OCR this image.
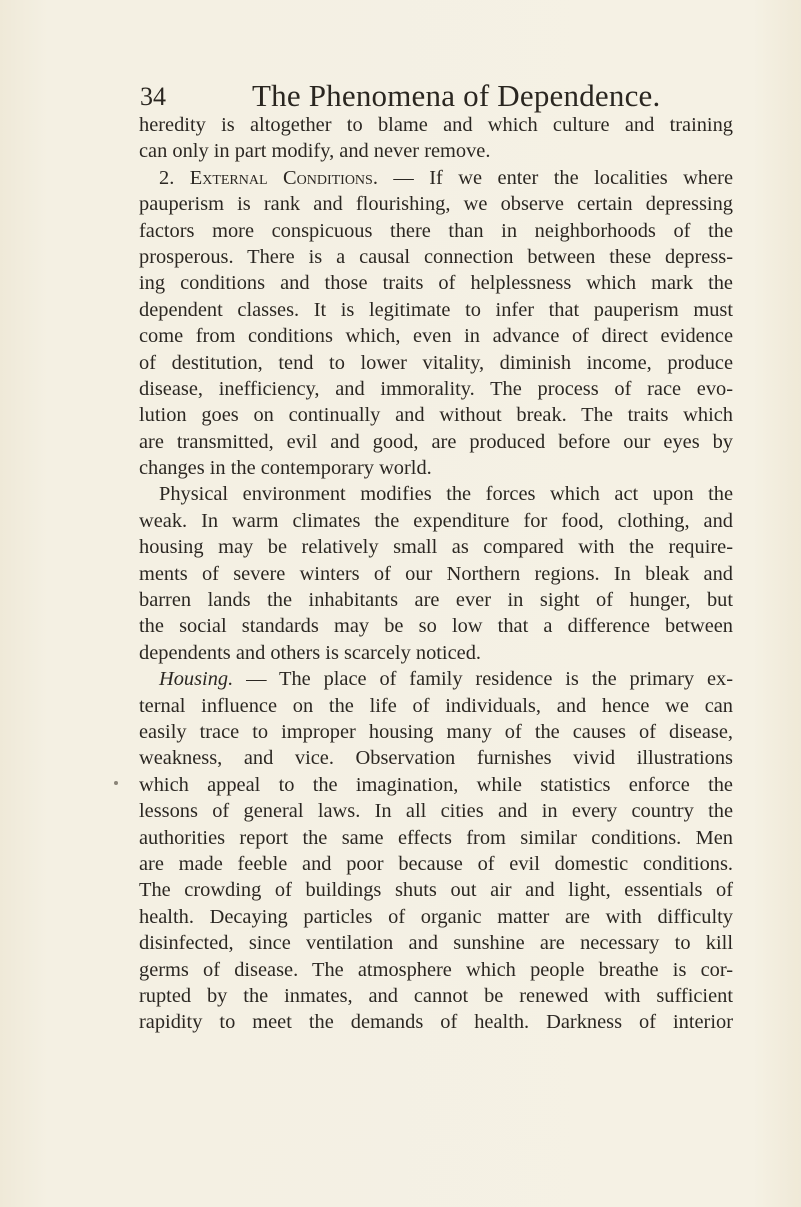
34	The Phenomena of Dependence.
heredity is altogether to blame and which culture and training
can only in part modify, and never remove.
2. External Conditions. — If we enter the localities where
pauperism is rank and flourishing, we observe certain depressing
factors more conspicuous there than in neighborhoods of the
prosperous. There is a causal connection between these depress-
ing conditions and those traits of helplessness which mark the
dependent classes. It is legitimate to infer that pauperism must
come from conditions which, even in advance of direct evidence
of destitution, tend to lower vitality, diminish income, produce
disease, inefficiency, and immorality. The process of race evo-
lution goes on continually and without break. The traits which
are transmitted, evil and good, are produced before our eyes by
changes in the contemporary world.
Physical environment modifies the forces which act upon the
weak. In warm climates the expenditure for food, clothing, and
housing may be relatively small as compared with the require-
ments of severe winters of our Northern regions. In bleak and
barren lands the inhabitants are ever in sight of hunger, but
the social standards may be so low that a difference between
dependents and others is scarcely noticed.
Housing. — The place of family residence is the primary ex-
ternal influence on the life of individuals, and hence we can
easily trace to improper housing many of the causes of disease,
weakness, and vice. Observation furnishes vivid illustrations
which appeal to the imagination, while statistics enforce the
lessons of general laws. In all cities and in every country the
authorities report the same effects from similar conditions. Men
are made feeble and poor because of evil domestic conditions.
The crowding of buildings shuts out air and light, essentials of
health. Decaying particles of organic matter are with difficulty
disinfected, since ventilation and sunshine are necessary to kill
germs of disease. The atmosphere which people breathe is cor-
rupted by the inmates, and cannot be renewed with sufficient
rapidity to meet the demands of health. Darkness of interior
